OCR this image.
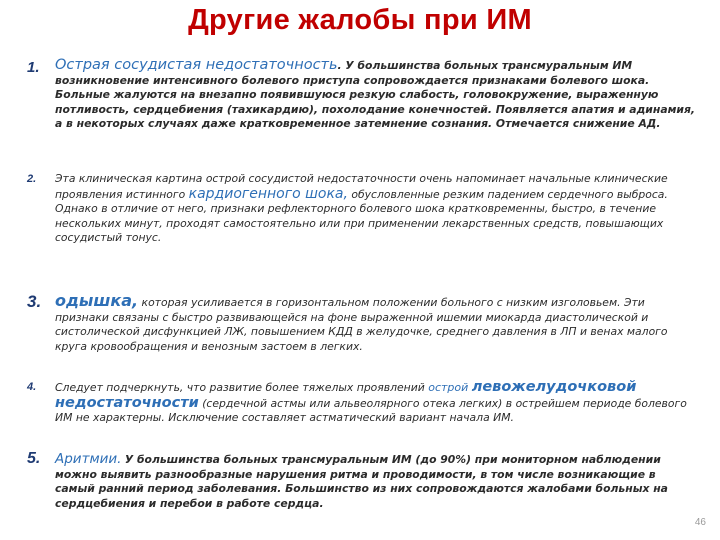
Другие жалобы при ИМ
1. Острая сосудистая недостаточность. У большинства больных трансмуральным ИМ возникновение интенсивного болевого приступа сопровождается признаками болевого шока. Больные жалуются на внезапно появившуюся резкую слабость, головокружение, выраженную потливость, сердцебиения (тахикардию), похолодание конечностей. Появляется апатия и адинамия, а в некоторых случаях даже кратковременное затемнение сознания. Отмечается снижение АД.
2. Эта клиническая картина острой сосудистой недостаточности очень напоминает начальные клинические проявления истинного кардиогенного шока, обусловленные резким падением сердечного выброса. Однако в отличие от него, признаки рефлекторного болевого шока кратковременны, быстро, в течение нескольких минут, проходят самостоятельно или при применении лекарственных средств, повышающих сосудистый тонус.
3. одышка, которая усиливается в горизонтальном положении больного с низким изголовьем. Эти признаки связаны с быстро развивающейся на фоне выраженной ишемии миокарда диастолической и систолической дисфункцией ЛЖ, повышением КДД в желудочке, среднего давления в ЛП и венах малого круга кровообращения и венозным застоем в легких.
4. Следует подчеркнуть, что развитие более тяжелых проявлений острой левожелудочковой недостаточности (сердечной астмы или альвеолярного отека легких) в острейшем периоде болевого ИМ не характерны. Исключение составляет астматический вариант начала ИМ.
5. Аритмии. У большинства больных трансмуральным ИМ (до 90%) при мониторном наблюдении можно выявить разнообразные нарушения ритма и проводимости, в том числе возникающие в самый ранний период заболевания. Большинство из них сопровождаются жалобами больных на сердцебиения и перебои в работе сердца.
46
